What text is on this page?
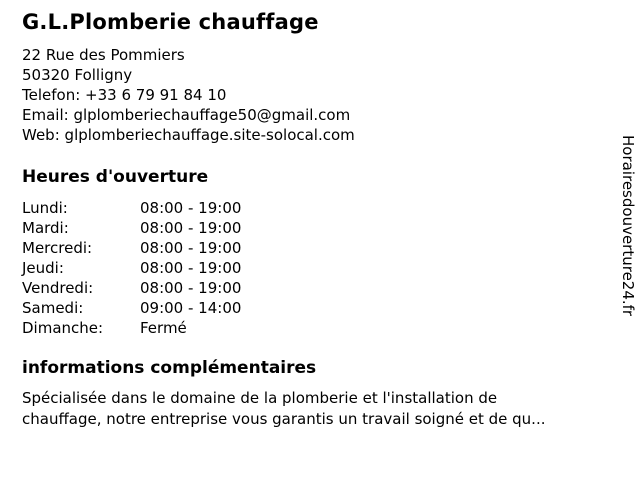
G.L.Plomberie chauffage
22 Rue des Pommiers
50320 Folligny
Telefon: +33 6 79 91 84 10
Email: glplomberiechauffage50@gmail.com
Web: glplomberiechauffage.site-solocal.com
Heures d'ouverture
Lundi:	08:00 - 19:00
Mardi:	08:00 - 19:00
Mercredi:	08:00 - 19:00
Jeudi:	08:00 - 19:00
Vendredi:	08:00 - 19:00
Samedi:	09:00 - 14:00
Dimanche:	Fermé
informations complémentaires
Spécialisée dans le domaine de la plomberie et l'installation de
chauffage, notre entreprise vous garantis un travail soigné et de qu...
Horairesdouverture24.fr
